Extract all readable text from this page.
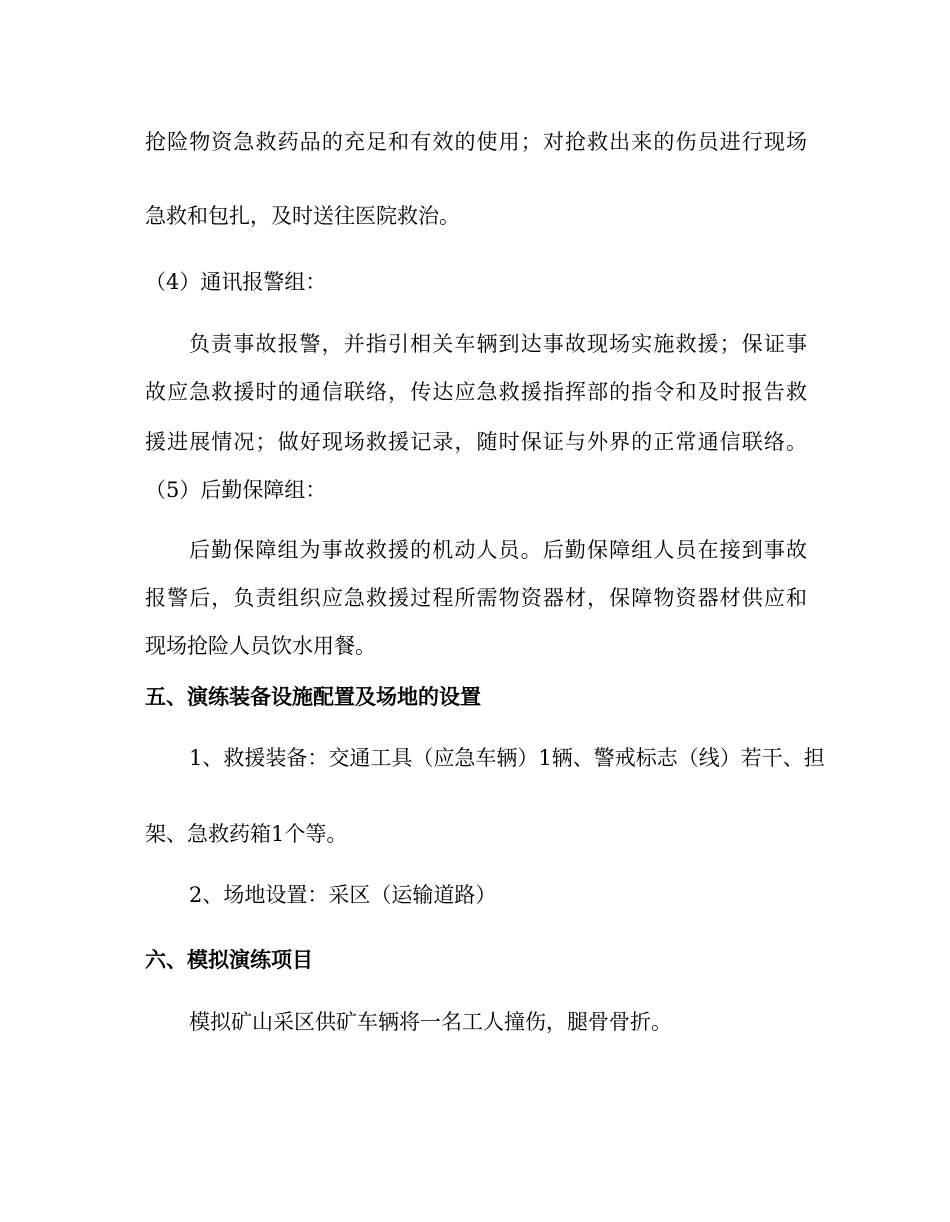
抢险物资急救药品的充足和有效的使用；对抢救出来的伤员进行现场
急救和包扎，及时送往医院救治。
（4）通讯报警组：
负责事故报警，并指引相关车辆到达事故现场实施救援；保证事
故应急救援时的通信联络，传达应急救援指挥部的指令和及时报告救
援进展情况；做好现场救援记录，随时保证与外界的正常通信联络。
（5）后勤保障组：
后勤保障组为事故救援的机动人员。后勤保障组人员在接到事故
报警后，负责组织应急救援过程所需物资器材，保障物资器材供应和
现场抢险人员饮水用餐。
五、演练装备设施配置及场地的设置
1、救援装备：交通工具（应急车辆）1辆、警戒标志（线）若干、担
架、急救药箱1个等。
2、场地设置：采区（运输道路）
六、模拟演练项目
模拟矿山采区供矿车辆将一名工人撞伤，腿骨骨折。
